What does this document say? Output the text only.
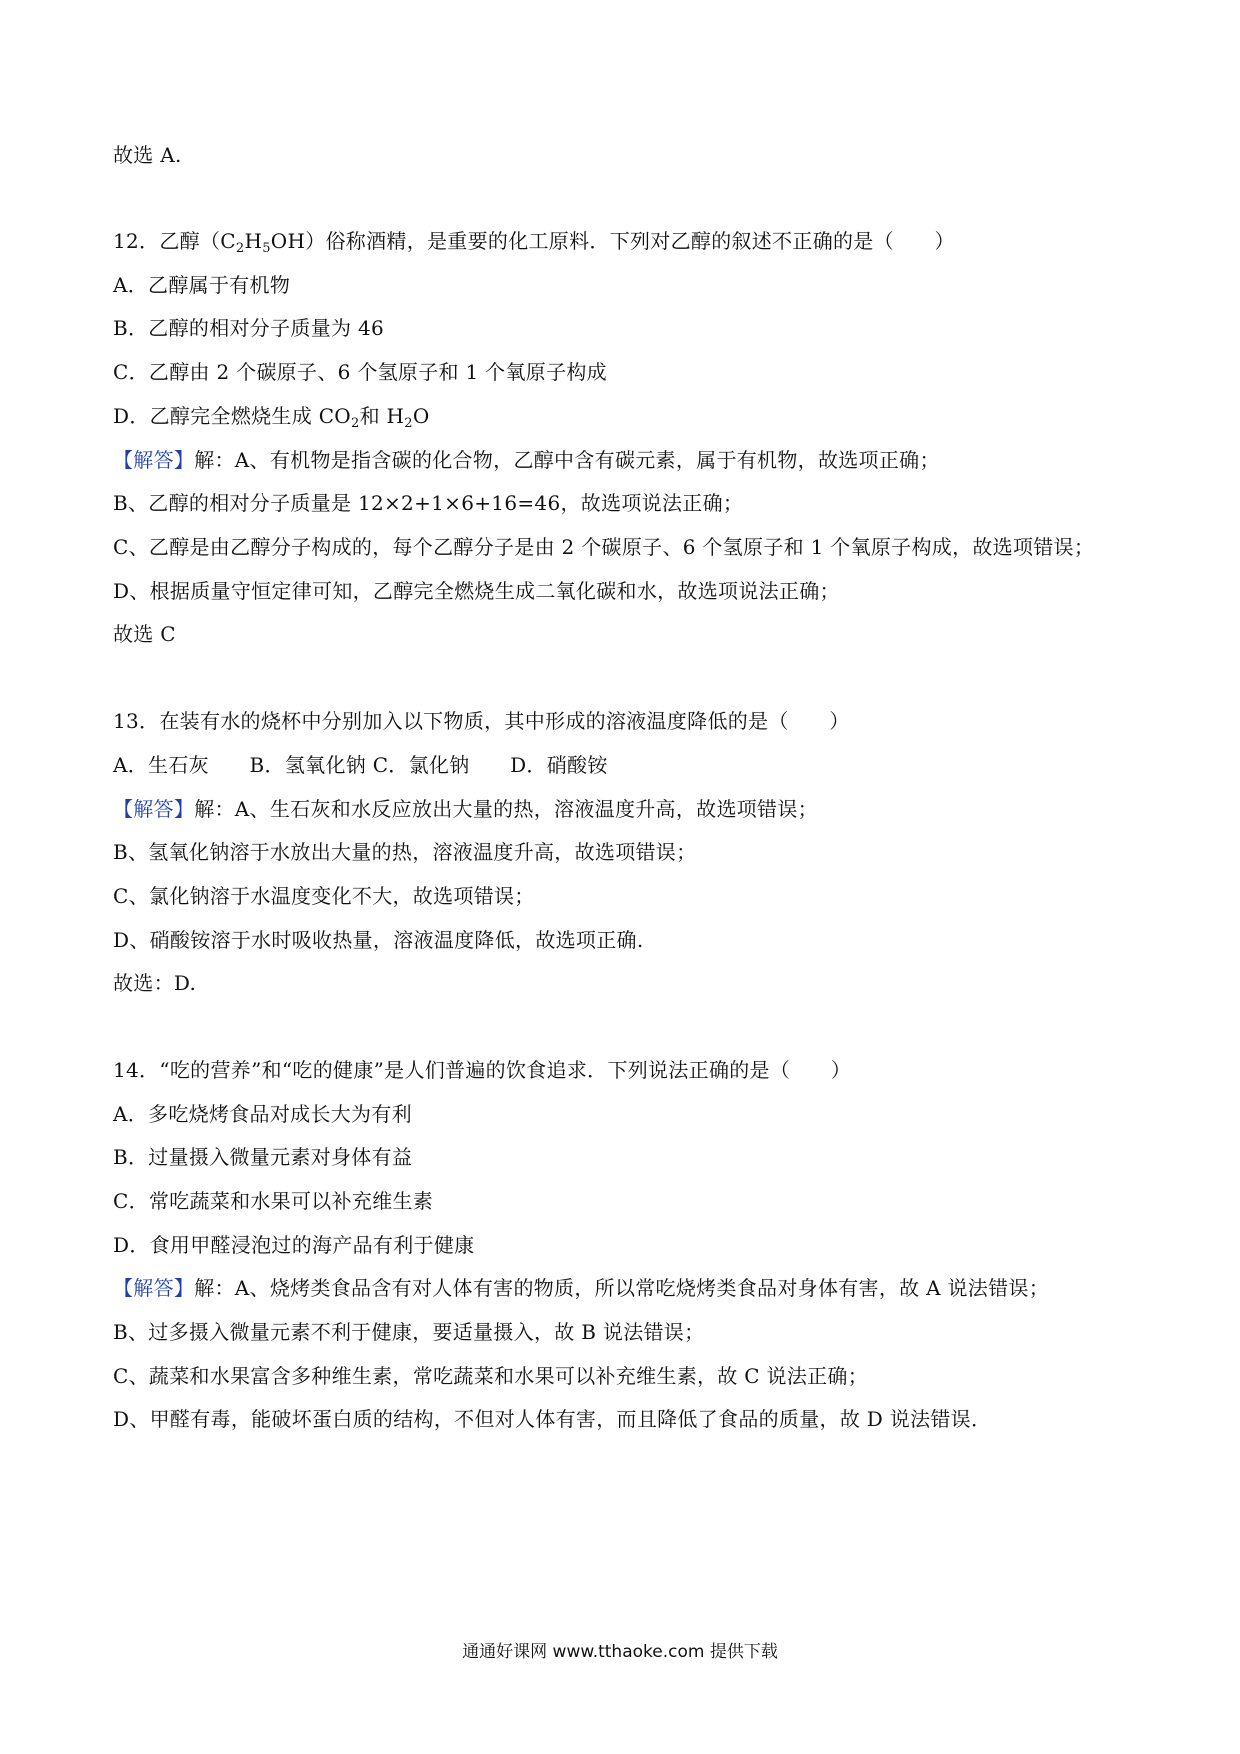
故选 A.
12．乙醇$(C_2H_5OH)$俗称酒精，是重要的化工原料．下列对乙醇的叙述不正确的是（　　）
A．乙醇属于有机物
B．乙醇的相对分子质量为 46
C．乙醇由 2 个碳原子、6 个氢原子和 1 个氧原子构成
D．乙醇完全燃烧生成 $CO_2$和 $H_2O$
【解答】解：A、有机物是指含碳的化合物，乙醇中含有碳元素，属于有机物，故选项正确；
B、乙醇的相对分子质量是 12×2+1×6+16=46，故选项说法正确；
C、乙醇是由乙醇分子构成的，每个乙醇分子是由 2 个碳原子、6 个氢原子和 1 个氧原子构成，故选项错误；
D、根据质量守恒定律可知，乙醇完全燃烧生成二氧化碳和水，故选项说法正确；
故选 C
13．在装有水的烧杯中分别加入以下物质，其中形成的溶液温度降低的是（　　）
A．生石灰　　B．氢氧化钠 C．氯化钠　　D．硝酸铵
【解答】解：A、生石灰和水反应放出大量的热，溶液温度升高，故选项错误；
B、氢氧化钠溶于水放出大量的热，溶液温度升高，故选项错误；
C、氯化钠溶于水温度变化不大，故选项错误；
D、硝酸铵溶于水时吸收热量，溶液温度降低，故选项正确.
故选：D.
14．“吃的营养”和“吃的健康”是人们普遍的饮食追求．下列说法正确的是（　　）
A．多吃烧烤食品对成长大为有利
B．过量摄入微量元素对身体有益
C．常吃蔬菜和水果可以补充维生素
D．食用甲醛浸泡过的海产品有利于健康
【解答】解：A、烧烤类食品含有对人体有害的物质，所以常吃烧烤类食品对身体有害，故 A 说法错误；
B、过多摄入微量元素不利于健康，要适量摄入，故 B 说法错误；
C、蔬菜和水果富含多种维生素，常吃蔬菜和水果可以补充维生素，故 C 说法正确；
D、甲醛有毒，能破坏蛋白质的结构，不但对人体有害，而且降低了食品的质量，故 D 说法错误．
通通好课网 www.tthaoke.com 提供下载
